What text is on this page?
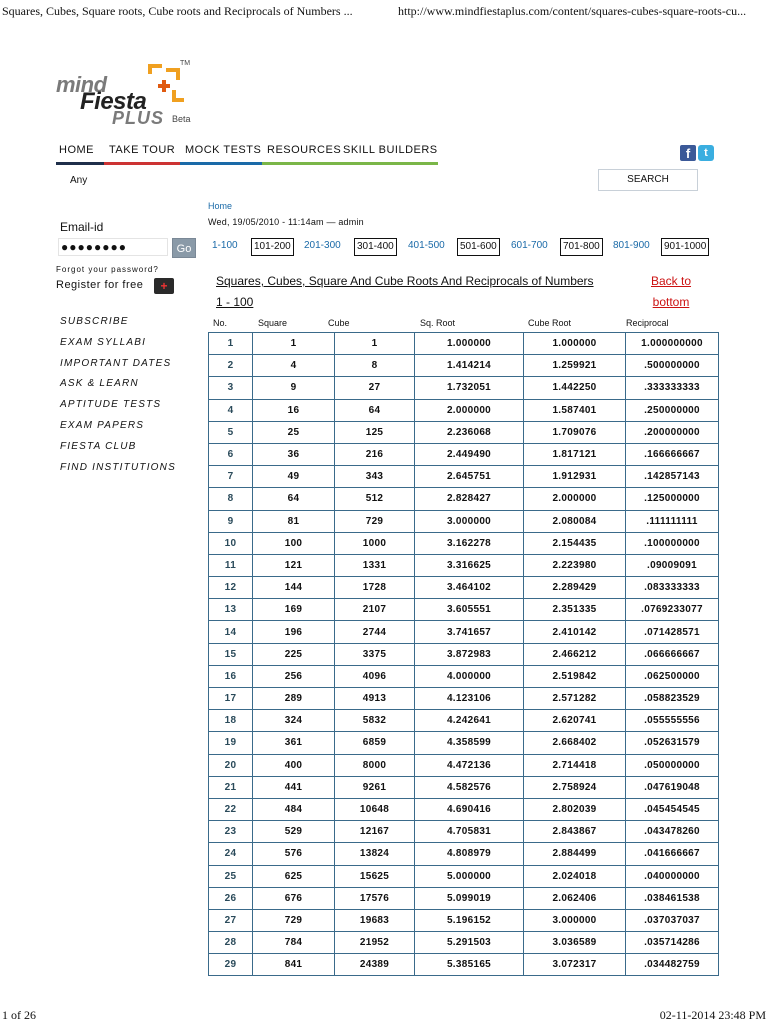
Squares, Cubes, Square roots, Cube roots and Reciprocals of Numbers ...	http://www.mindfiestaplus.com/content/squares-cubes-square-roots-cu...
TM
mind
Fiesta
PLUS Beta
HOME TAKE TOUR MOCK TESTS RESOURCES SKILL BUILDERS	f	t
Any	SEARCH
Email-id
●●●●●●●●	Go
Forgot your password?
Register for free	+
SUBSCRIBE
EXAM SYLLABI
IMPORTANT DATES
ASK & LEARN
APTITUDE TESTS
EXAM PAPERS
FIESTA CLUB
FIND INSTITUTIONS
Home
Wed, 19/05/2010 - 11:14am — admin
1-100	101-200	201-300	301-400	401-500	501-600	601-700	701-800	801-900	901-1000
Squares, Cubes, Square And Cube Roots And Reciprocals of Numbers 1 - 100
Back to bottom
No.	Square	Cube	Sq. Root	Cube Root	Reciprocal
1	1	1	1.000000	1.000000	1.000000000
2	4	8	1.414214	1.259921	.500000000
3	9	27	1.732051	1.442250	.333333333
4	16	64	2.000000	1.587401	.250000000
5	25	125	2.236068	1.709076	.200000000
6	36	216	2.449490	1.817121	.166666667
7	49	343	2.645751	1.912931	.142857143
8	64	512	2.828427	2.000000	.125000000
9	81	729	3.000000	2.080084	.111111111
10	100	1000	3.162278	2.154435	.100000000
11	121	1331	3.316625	2.223980	.09009091
12	144	1728	3.464102	2.289429	.083333333
13	169	2107	3.605551	2.351335	.0769233077
14	196	2744	3.741657	2.410142	.071428571
15	225	3375	3.872983	2.466212	.066666667
16	256	4096	4.000000	2.519842	.062500000
17	289	4913	4.123106	2.571282	.058823529
18	324	5832	4.242641	2.620741	.055555556
19	361	6859	4.358599	2.668402	.052631579
20	400	8000	4.472136	2.714418	.050000000
21	441	9261	4.582576	2.758924	.047619048
22	484	10648	4.690416	2.802039	.045454545
23	529	12167	4.705831	2.843867	.043478260
24	576	13824	4.808979	2.884499	.041666667
25	625	15625	5.000000	2.024018	.040000000
26	676	17576	5.099019	2.062406	.038461538
27	729	19683	5.196152	3.000000	.037037037
28	784	21952	5.291503	3.036589	.035714286
29	841	24389	5.385165	3.072317	.034482759
1 of 26	02-11-2014 23:48 PM
